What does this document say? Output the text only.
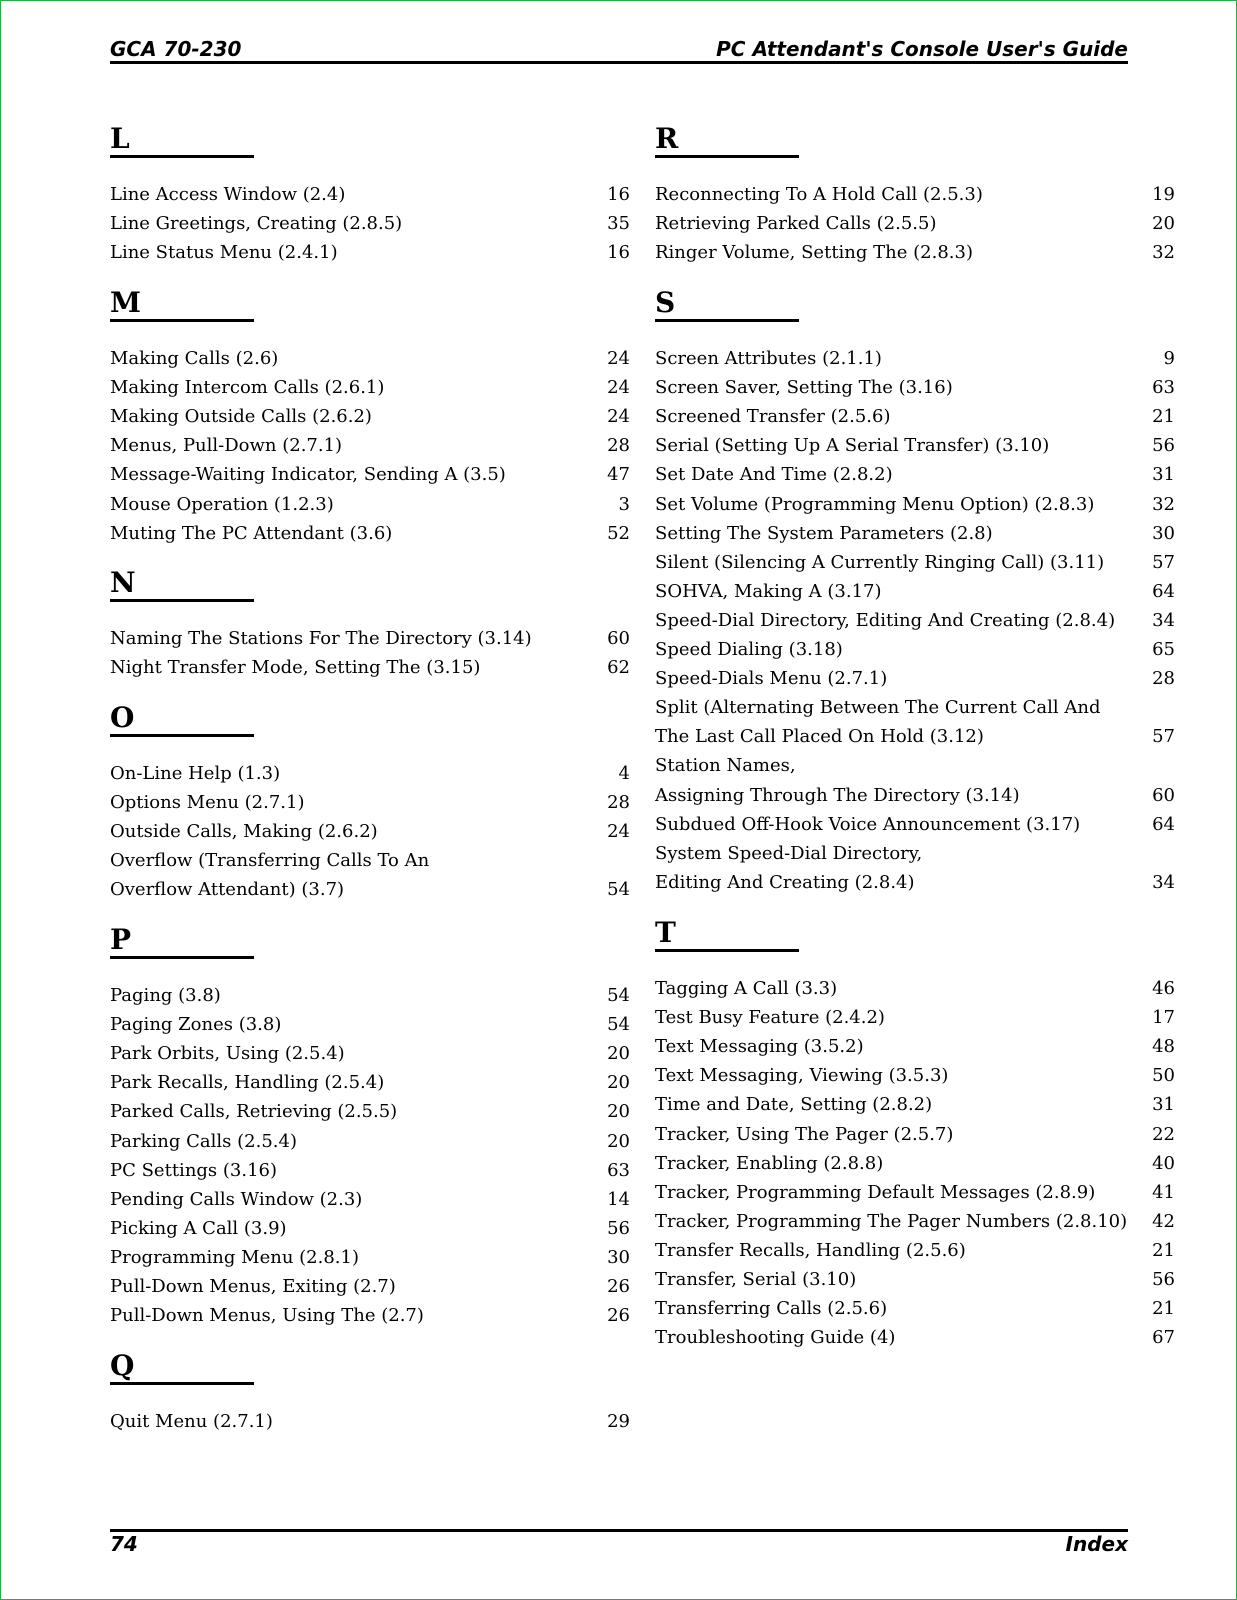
GCA 70-230	PC Attendant's Console User's Guide
L
Line Access Window (2.4)	16
Line Greetings, Creating (2.8.5)	35
Line Status Menu (2.4.1)	16
M
Making Calls (2.6)	24
Making Intercom Calls (2.6.1)	24
Making Outside Calls (2.6.2)	24
Menus, Pull-Down (2.7.1)	28
Message-Waiting Indicator, Sending A (3.5)	47
Mouse Operation (1.2.3)	3
Muting The PC Attendant (3.6)	52
N
Naming The Stations For The Directory (3.14)	60
Night Transfer Mode, Setting The (3.15)	62
O
On-Line Help (1.3)	4
Options Menu (2.7.1)	28
Outside Calls, Making (2.6.2)	24
Overflow (Transferring Calls To An
Overflow Attendant) (3.7)	54
P
Paging (3.8)	54
Paging Zones (3.8)	54
Park Orbits, Using (2.5.4)	20
Park Recalls, Handling (2.5.4)	20
Parked Calls, Retrieving (2.5.5)	20
Parking Calls (2.5.4)	20
PC Settings (3.16)	63
Pending Calls Window (2.3)	14
Picking A Call (3.9)	56
Programming Menu (2.8.1)	30
Pull-Down Menus, Exiting (2.7)	26
Pull-Down Menus, Using The (2.7)	26
Q
Quit Menu (2.7.1)	29
R
Reconnecting To A Hold Call (2.5.3)	19
Retrieving Parked Calls (2.5.5)	20
Ringer Volume, Setting The (2.8.3)	32
S
Screen Attributes (2.1.1)	9
Screen Saver, Setting The (3.16)	63
Screened Transfer (2.5.6)	21
Serial (Setting Up A Serial Transfer) (3.10)	56
Set Date And Time (2.8.2)	31
Set Volume (Programming Menu Option) (2.8.3)	32
Setting The System Parameters (2.8)	30
Silent (Silencing A Currently Ringing Call) (3.11)	57
SOHVA, Making A (3.17)	64
Speed-Dial Directory, Editing And Creating (2.8.4) 34
Speed Dialing (3.18)	65
Speed-Dials Menu (2.7.1)	28
Split (Alternating Between The Current Call And
The Last Call Placed On Hold (3.12)	57
Station Names,
Assigning Through The Directory (3.14)	60
Subdued Off-Hook Voice Announcement (3.17)	64
System Speed-Dial Directory,
Editing And Creating (2.8.4)	34
T
Tagging A Call (3.3)	46
Test Busy Feature (2.4.2)	17
Text Messaging (3.5.2)	48
Text Messaging, Viewing (3.5.3)	50
Time and Date, Setting (2.8.2)	31
Tracker, Using The Pager (2.5.7)	22
Tracker, Enabling (2.8.8)	40
Tracker, Programming Default Messages (2.8.9)	41
Tracker, Programming The Pager Numbers (2.8.10) 42
Transfer Recalls, Handling (2.5.6)	21
Transfer, Serial (3.10)	56
Transferring Calls (2.5.6)	21
Troubleshooting Guide (4)	67
74	Index
